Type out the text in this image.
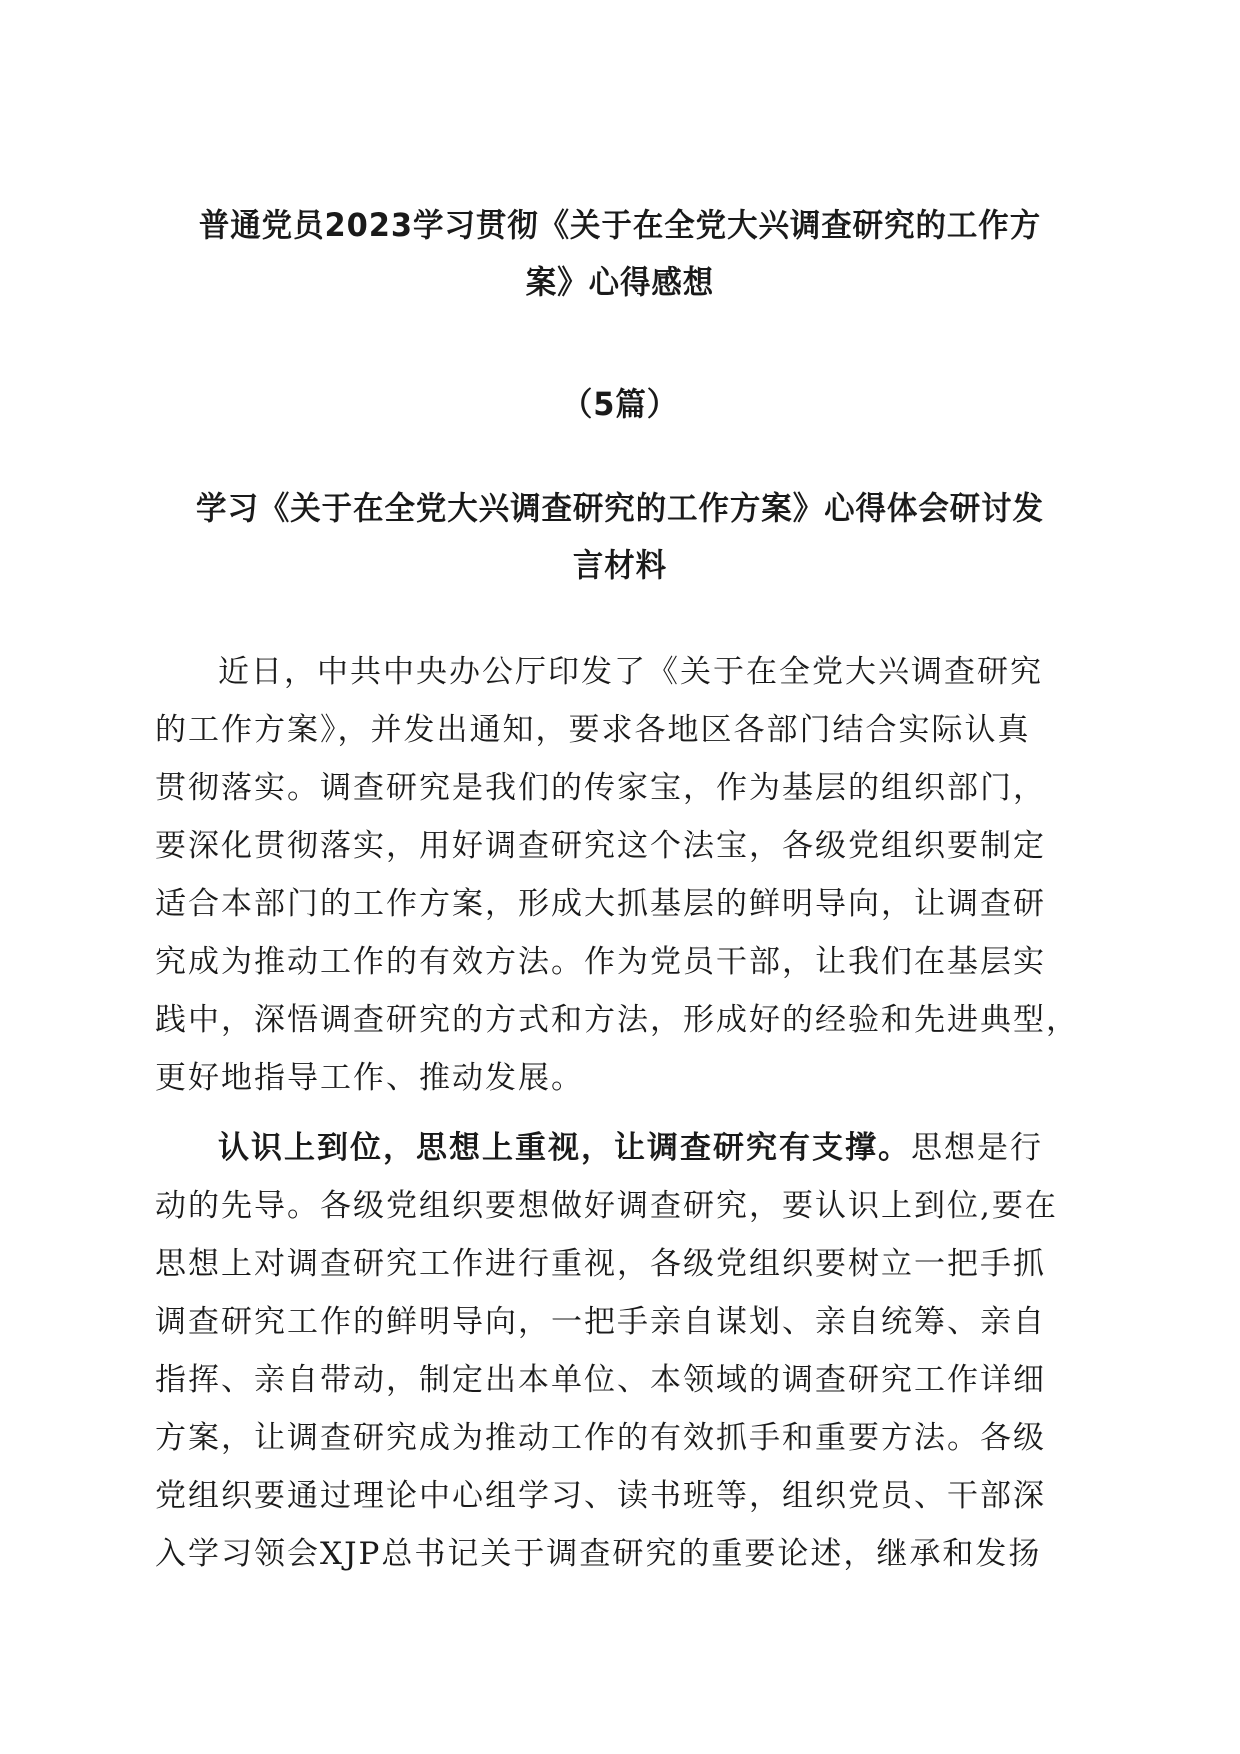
普通党员2023学习贯彻《关于在全党大兴调查研究的工作方
案》心得感想
（5篇）
学习《关于在全党大兴调查研究的工作方案》心得体会研讨发
言材料
近日，中共中央办公厅印发了《关于在全党大兴调查研究
的工作方案》，并发出通知，要求各地区各部门结合实际认真
贯彻落实。调查研究是我们的传家宝，作为基层的组织部门，
要深化贯彻落实，用好调查研究这个法宝，各级党组织要制定
适合本部门的工作方案，形成大抓基层的鲜明导向，让调查研
究成为推动工作的有效方法。作为党员干部，让我们在基层实
践中，深悟调查研究的方式和方法，形成好的经验和先进典型，
更好地指导工作、推动发展。
认识上到位，思想上重视，让调查研究有支撑。思想是行
动的先导。各级党组织要想做好调查研究，要认识上到位,要在
思想上对调查研究工作进行重视，各级党组织要树立一把手抓
调查研究工作的鲜明导向，一把手亲自谋划、亲自统筹、亲自
指挥、亲自带动，制定出本单位、本领域的调查研究工作详细
方案，让调查研究成为推动工作的有效抓手和重要方法。各级
党组织要通过理论中心组学习、读书班等，组织党员、干部深
入学习领会XJP总书记关于调查研究的重要论述，继承和发扬
